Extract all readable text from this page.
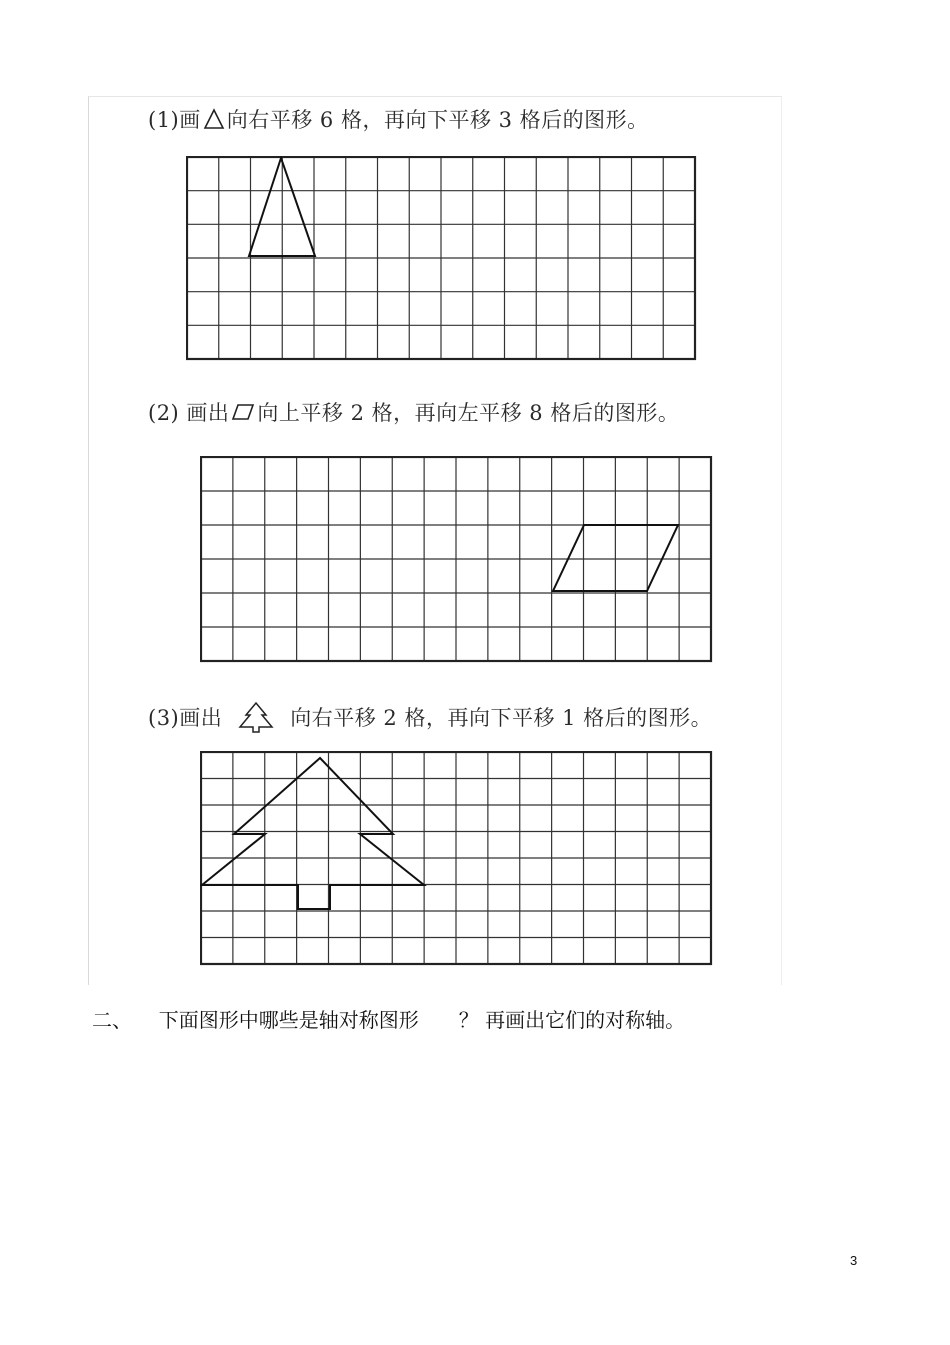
(1)画 向右平移 6 格，再向下平移 3 格后的图形。
(2) 画出 向上平移 2 格，再向左平移 8 格后的图形。
(3)画出	向右平移 2 格，再向下平移 1 格后的图形。
二、 下面图形中哪些是轴对称图形 ？ 再画出它们的对称轴。
3
